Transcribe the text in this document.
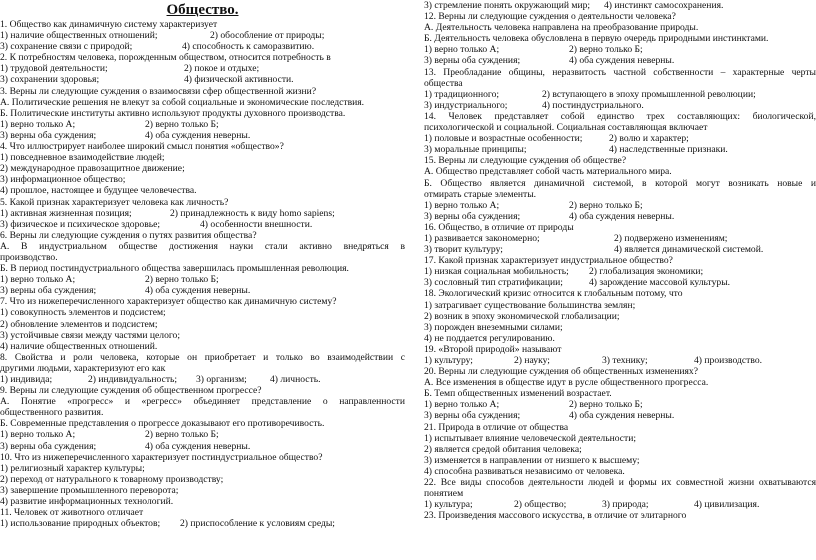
Общество.
1. Общество как динамичную систему характеризует
1) наличие общественных отношений;	2) обособление от природы;
3) сохранение связи с природой;	4) способность к саморазвитию.
2. К потребностям человека, порожденным обществом, относится потребность в
1) трудовой деятельности;	2) покое и отдыхе;
3) сохранении здоровья;	4) физической активности.
3. Верны ли следующие суждения о взаимосвязи сфер общественной жизни?
А. Политические решения не влекут за собой социальные и экономические последствия.
Б. Политические институты активно используют продукты духовного производства.
1) верно только А;	2) верно только Б;
3) верны оба суждения;	4) оба суждения неверны.
4. Что иллюстрирует наиболее широкий смысл понятия «общество»?
1) повседневное взаимодействие людей;
2) международное правозащитное движение;
3) информационное общество;
4) прошлое, настоящее и будущее человечества.
5. Какой признак характеризует человека как личность?
1) активная жизненная позиция;	2) принадлежность к виду homo sapiens;
3) физическое и психическое здоровье;	4) особенности внешности.
6. Верны ли следующие суждения о путях развития общества?
А. В индустриальном обществе достижения науки стали активно внедряться в
производство.
Б. В период постиндустриального общества завершилась промышленная революция.
1) верно только А;	2) верно только Б;
3) верны оба суждения;	4) оба суждения неверны.
7. Что из нижеперечисленного характеризует общество как динамичную систему?
1) совокупность элементов и подсистем;
2) обновление элементов и подсистем;
3) устойчивые связи между частями целого;
4) наличие общественных отношений.
8. Свойства и роли человека, которые он приобретает и только во взаимодействии с
другими людьми, характеризуют его как
1) индивида;	2) индивидуальность; 3) организм; 4) личность.
9. Верны ли следующие суждения об общественном прогрессе?
А. Понятие «прогресс» и «регресс» объединяет представление о направленности
общественного развития.
Б. Современные представления о прогрессе доказывают его противоречивость.
1) верно только А;	2) верно только Б;
3) верны оба суждения;	4) оба суждения неверны.
10. Что из нижеперечисленного характеризует постиндустриальное общество?
1) религиозный характер культуры;
2) переход от натурального к товарному производству;
3) завершение промышленного переворота;
4) развитие информационных технологий.
11. Человек от животного отличает
1) использование природных объектов; 2) приспособление к условиям среды;
3) стремление понять окружающий мир; 4) инстинкт самосохранения.
12. Верны ли следующие суждения о деятельности человека?
А. Деятельность человека направлена на преобразование природы.
Б. Деятельность человека обусловлена в первую очередь природными инстинктами.
1) верно только А;	2) верно только Б;
3) верны оба суждения;	4) оба суждения неверны.
13. Преобладание общины, неразвитость частной собственности – характерные черты
общества
1) традиционного;	2) вступающего в эпоху промышленной революции;
3) индустриального;	4) постиндустриального.
14. Человек представляет собой единство трех составляющих: биологической,
психологической и социальной. Социальная составляющая включает
1) половые и возрастные особенности;	2) волю и характер;
3) моральные принципы;	4) наследственные признаки.
15. Верны ли следующие суждения об обществе?
А. Общество представляет собой часть материального мира.
Б. Общество является динамичной системой, в которой могут возникать новые и
отмирать старые элементы.
1) верно только А;	2) верно только Б;
3) верны оба суждения;	4) оба суждения неверны.
16. Общество, в отличие от природы
1) развивается закономерно;	2) подвержено изменениям;
3) творит культуру;	4) является динамической системой.
17. Какой признак характеризует индустриальное общество?
1) низкая социальная мобильность; 2) глобализация экономики;
3) сословный тип стратификации;	4) зарождение массовой культуры.
18. Экологический кризис относится к глобальным потому, что
1) затрагивает существование большинства землян;
2) возник в эпоху экономической глобализации;
3) порожден внеземными силами;
4) не поддается регулированию.
19. «Второй природой» называют
1) культуру;	2) науку;	3) технику;	4) производство.
20. Верны ли следующие суждения об общественных изменениях?
А. Все изменения в обществе идут в русле общественного прогресса.
Б. Темп общественных изменений возрастает.
1) верно только А;	2) верно только Б;
3) верны оба суждения;	4) оба суждения неверны.
21. Природа в отличие от общества
1) испытывает влияние человеческой деятельности;
2) является средой обитания человека;
3) изменяется в направлении от низшего к высшему;
4) способна развиваться независимо от человека.
22. Все виды способов деятельности людей и формы их совместной жизни охватываются
понятием
1) культура;	2) общество;	3) природа;	4) цивилизация.
23. Произведения массового искусства, в отличие от элитарного
